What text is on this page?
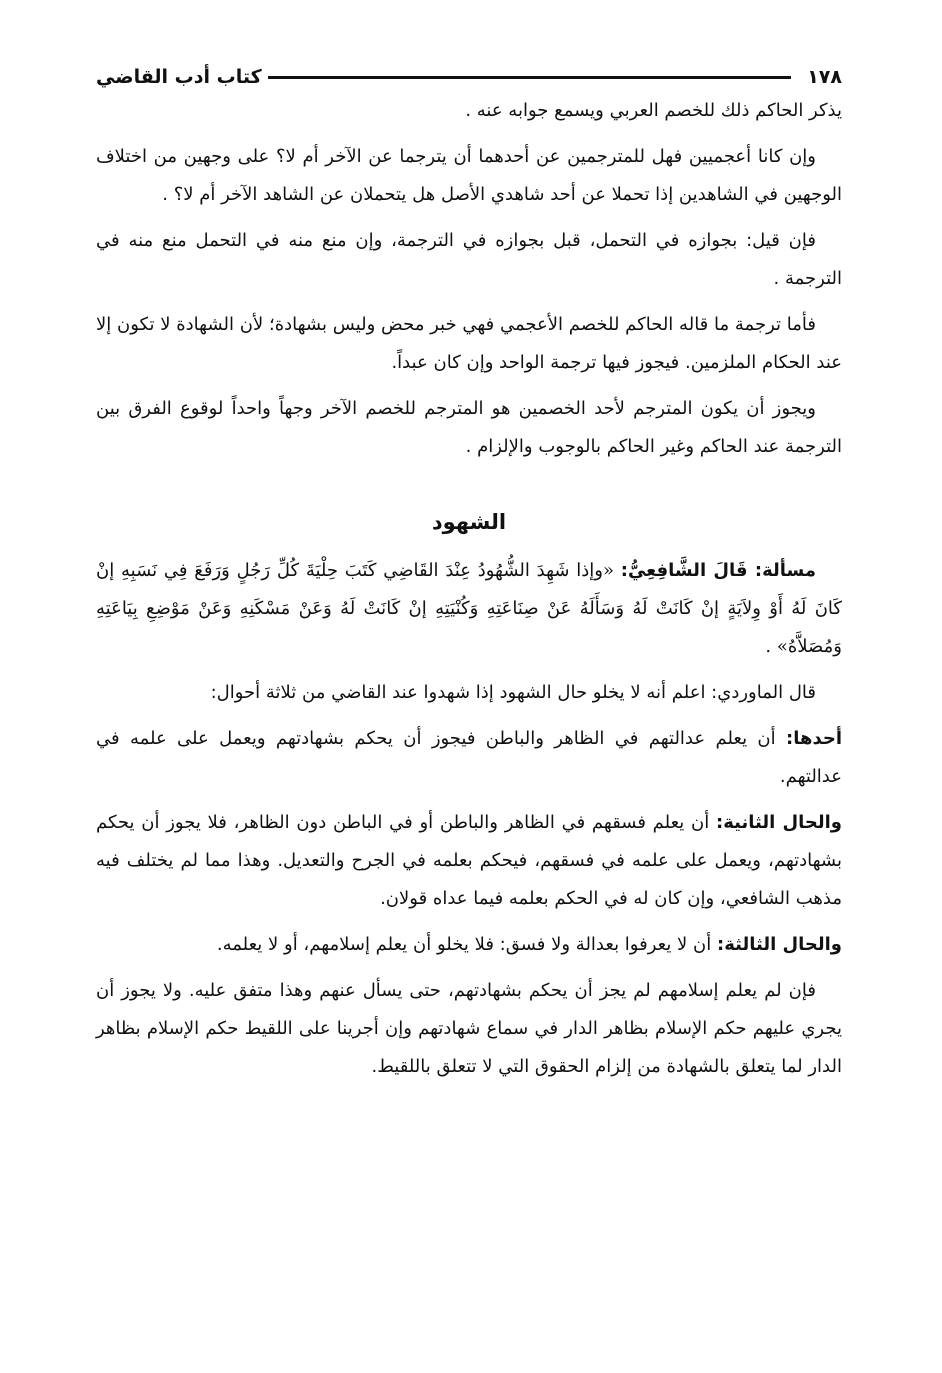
١٧٨
كتاب أدب القاضي

يذكر الحاكم ذلك للخصم العربي ويسمع جوابه عنه .

وإن كانا أعجميين فهل للمترجمين عن أحدهما أن يترجما عن الآخر أم لا؟ على وجهين من اختلاف الوجهين في الشاهدين إذا تحملا عن أحد شاهدي الأصل هل يتحملان عن الشاهد الآخر أم لا؟ .

فإن قيل: بجوازه في التحمل، قبل بجوازه في الترجمة، وإن منع منه في التحمل منع منه في الترجمة .

فأما ترجمة ما قاله الحاكم للخصم الأعجمي فهي خبر محض وليس بشهادة؛ لأن الشهادة لا تكون إلا عند الحكام الملزمين. فيجوز فيها ترجمة الواحد وإن كان عبداً.

ويجوز أن يكون المترجم لأحد الخصمين هو المترجم للخصم الآخر وجهاً واحداً لوقوع الفرق بين الترجمة عند الحاكم وغير الحاكم بالوجوب والإلزام .

الشهود

مسألة: قَالَ الشَّافِعِيُّ: «وإذا شَهِدَ الشُّهُودُ عِنْدَ القَاضِي كَتَبَ حِلْيَةَ كُلِّ رَجُلٍ وَرَفَعَ فِي نَسَبِهِ إنْ كَانَ لَهُ أَوْ وِلاَيَةٍ إنْ كَانَتْ لَهُ وَسَأَلَهُ عَنْ صِنَاعَتِهِ وَكُنْيَتِهِ إنْ كَانَتْ لَهُ وَعَنْ مَسْكَنِهِ وَعَنْ مَوْضِعِ بِيَاعَتِهِ وَمُصَلاَّهُ» .

قال الماوردي: اعلم أنه لا يخلو حال الشهود إذا شهدوا عند القاضي من ثلاثة أحوال:

أحدها: أن يعلم عدالتهم في الظاهر والباطن فيجوز أن يحكم بشهادتهم ويعمل على علمه في عدالتهم.

والحال الثانية: أن يعلم فسقهم في الظاهر والباطن أو في الباطن دون الظاهر، فلا يجوز أن يحكم بشهادتهم، ويعمل على علمه في فسقهم، فيحكم بعلمه في الجرح والتعديل. وهذا مما لم يختلف فيه مذهب الشافعي، وإن كان له في الحكم بعلمه فيما عداه قولان.

والحال الثالثة: أن لا يعرفوا بعدالة ولا فسق: فلا يخلو أن يعلم إسلامهم، أو لا يعلمه.

فإن لم يعلم إسلامهم لم يجز أن يحكم بشهادتهم، حتى يسأل عنهم وهذا متفق عليه. ولا يجوز أن يجري عليهم حكم الإسلام بظاهر الدار في سماع شهادتهم وإن أجرينا على اللقيط حكم الإسلام بظاهر الدار لما يتعلق بالشهادة من إلزام الحقوق التي لا تتعلق باللقيط.
